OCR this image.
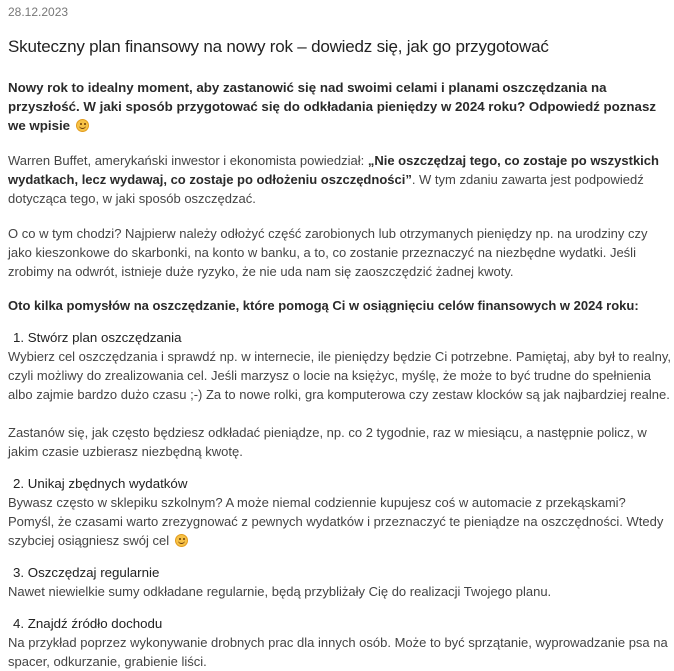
28.12.2023
Skuteczny plan finansowy na nowy rok – dowiedz się, jak go przygotować
Nowy rok to idealny moment, aby zastanowić się nad swoimi celami i planami oszczędzania na przyszłość. W jaki sposób przygotować się do odkładania pieniędzy w 2024 roku? Odpowiedź poznasz we wpisie

Warren Buffet, amerykański inwestor i ekonomista powiedział: „Nie oszczędzaj tego, co zostaje po wszystkich wydatkach, lecz wydawaj, co zostaje po odłożeniu oszczędności”. W tym zdaniu zawarta jest podpowiedź dotycząca tego, w jaki sposób oszczędzać.

O co w tym chodzi? Najpierw należy odłożyć część zarobionych lub otrzymanych pieniędzy np. na urodziny czy jako kieszonkowe do skarbonki, na konto w banku, a to, co zostanie przeznaczyć na niezbędne wydatki. Jeśli zrobimy na odwrót, istnieje duże ryzyko, że nie uda nam się zaoszczędzić żadnej kwoty.

Oto kilka pomysłów na oszczędzanie, które pomogą Ci w osiągnięciu celów finansowych w 2024 roku:
1. Stwórz plan oszczędzania
Wybierz cel oszczędzania i sprawdź np. w internecie, ile pieniędzy będzie Ci potrzebne. Pamiętaj, aby był to realny, czyli możliwy do zrealizowania cel. Jeśli marzysz o locie na księżyc, myślę, że może to być trudne do spełnienia albo zajmie bardzo dużo czasu ;-) Za to nowe rolki, gra komputerowa czy zestaw klocków są jak najbardziej realne.
Zastanów się, jak często będziesz odkładać pieniądze, np. co 2 tygodnie, raz w miesiącu, a następnie policz, w jakim czasie uzbierasz niezbędną kwotę.
2. Unikaj zbędnych wydatków
Bywasz często w sklepiku szkolnym? A może niemal codziennie kupujesz coś w automacie z przekąskami? Pomyśl, że czasami warto zrezygnować z pewnych wydatków i przeznaczyć te pieniądze na oszczędności. Wtedy szybciej osiągniesz swój cel
3. Oszczędzaj regularnie
Nawet niewielkie sumy odkładane regularnie, będą przybliżały Cię do realizacji Twojego planu.
4. Znajdź źródło dochodu
Na przykład poprzez wykonywanie drobnych prac dla innych osób. Może to być sprzątanie, wyprowadzanie psa na spacer, odkurzanie, grabienie liści.
